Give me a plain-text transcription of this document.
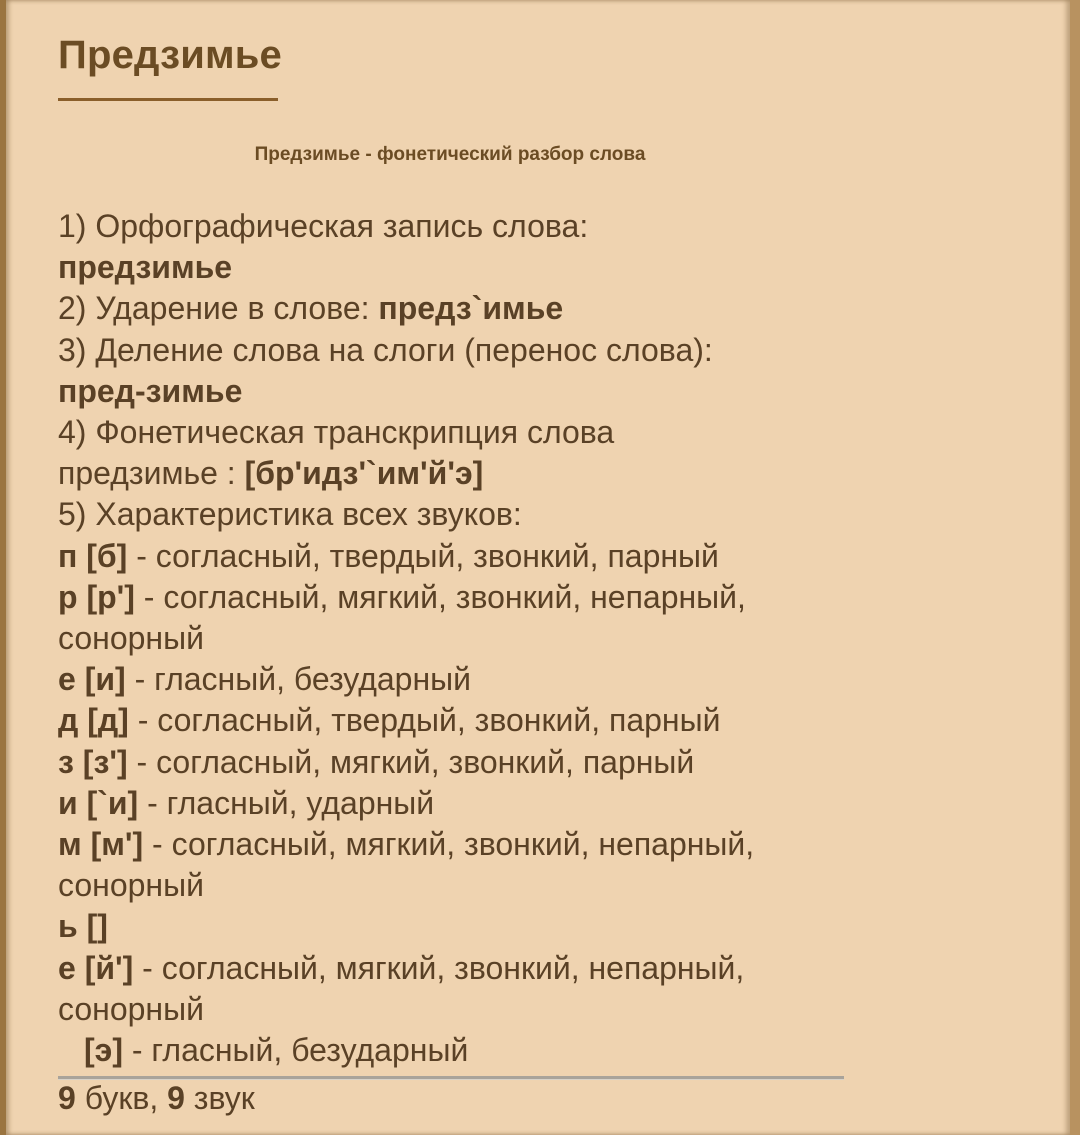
Предзимье
Предзимье - фонетический разбор слова
1) Орфографическая запись слова:
предзимье
2) Ударение в слове: предз`имье
3) Деление слова на слоги (перенос слова):
пред-зимье
4) Фонетическая транскрипция слова
предзимье : [бр'идз'`им'й'э]
5) Характеристика всех звуков:
п [б] - согласный, твердый, звонкий, парный
р [р'] - согласный, мягкий, звонкий, непарный,
сонорный
е [и] - гласный, безударный
д [д] - согласный, твердый, звонкий, парный
з [з'] - согласный, мягкий, звонкий, парный
и [`и] - гласный, ударный
м [м'] - согласный, мягкий, звонкий, непарный,
сонорный
ь []
е [й'] - согласный, мягкий, звонкий, непарный,
сонорный
[э] - гласный, безударный
9 букв, 9 звук
